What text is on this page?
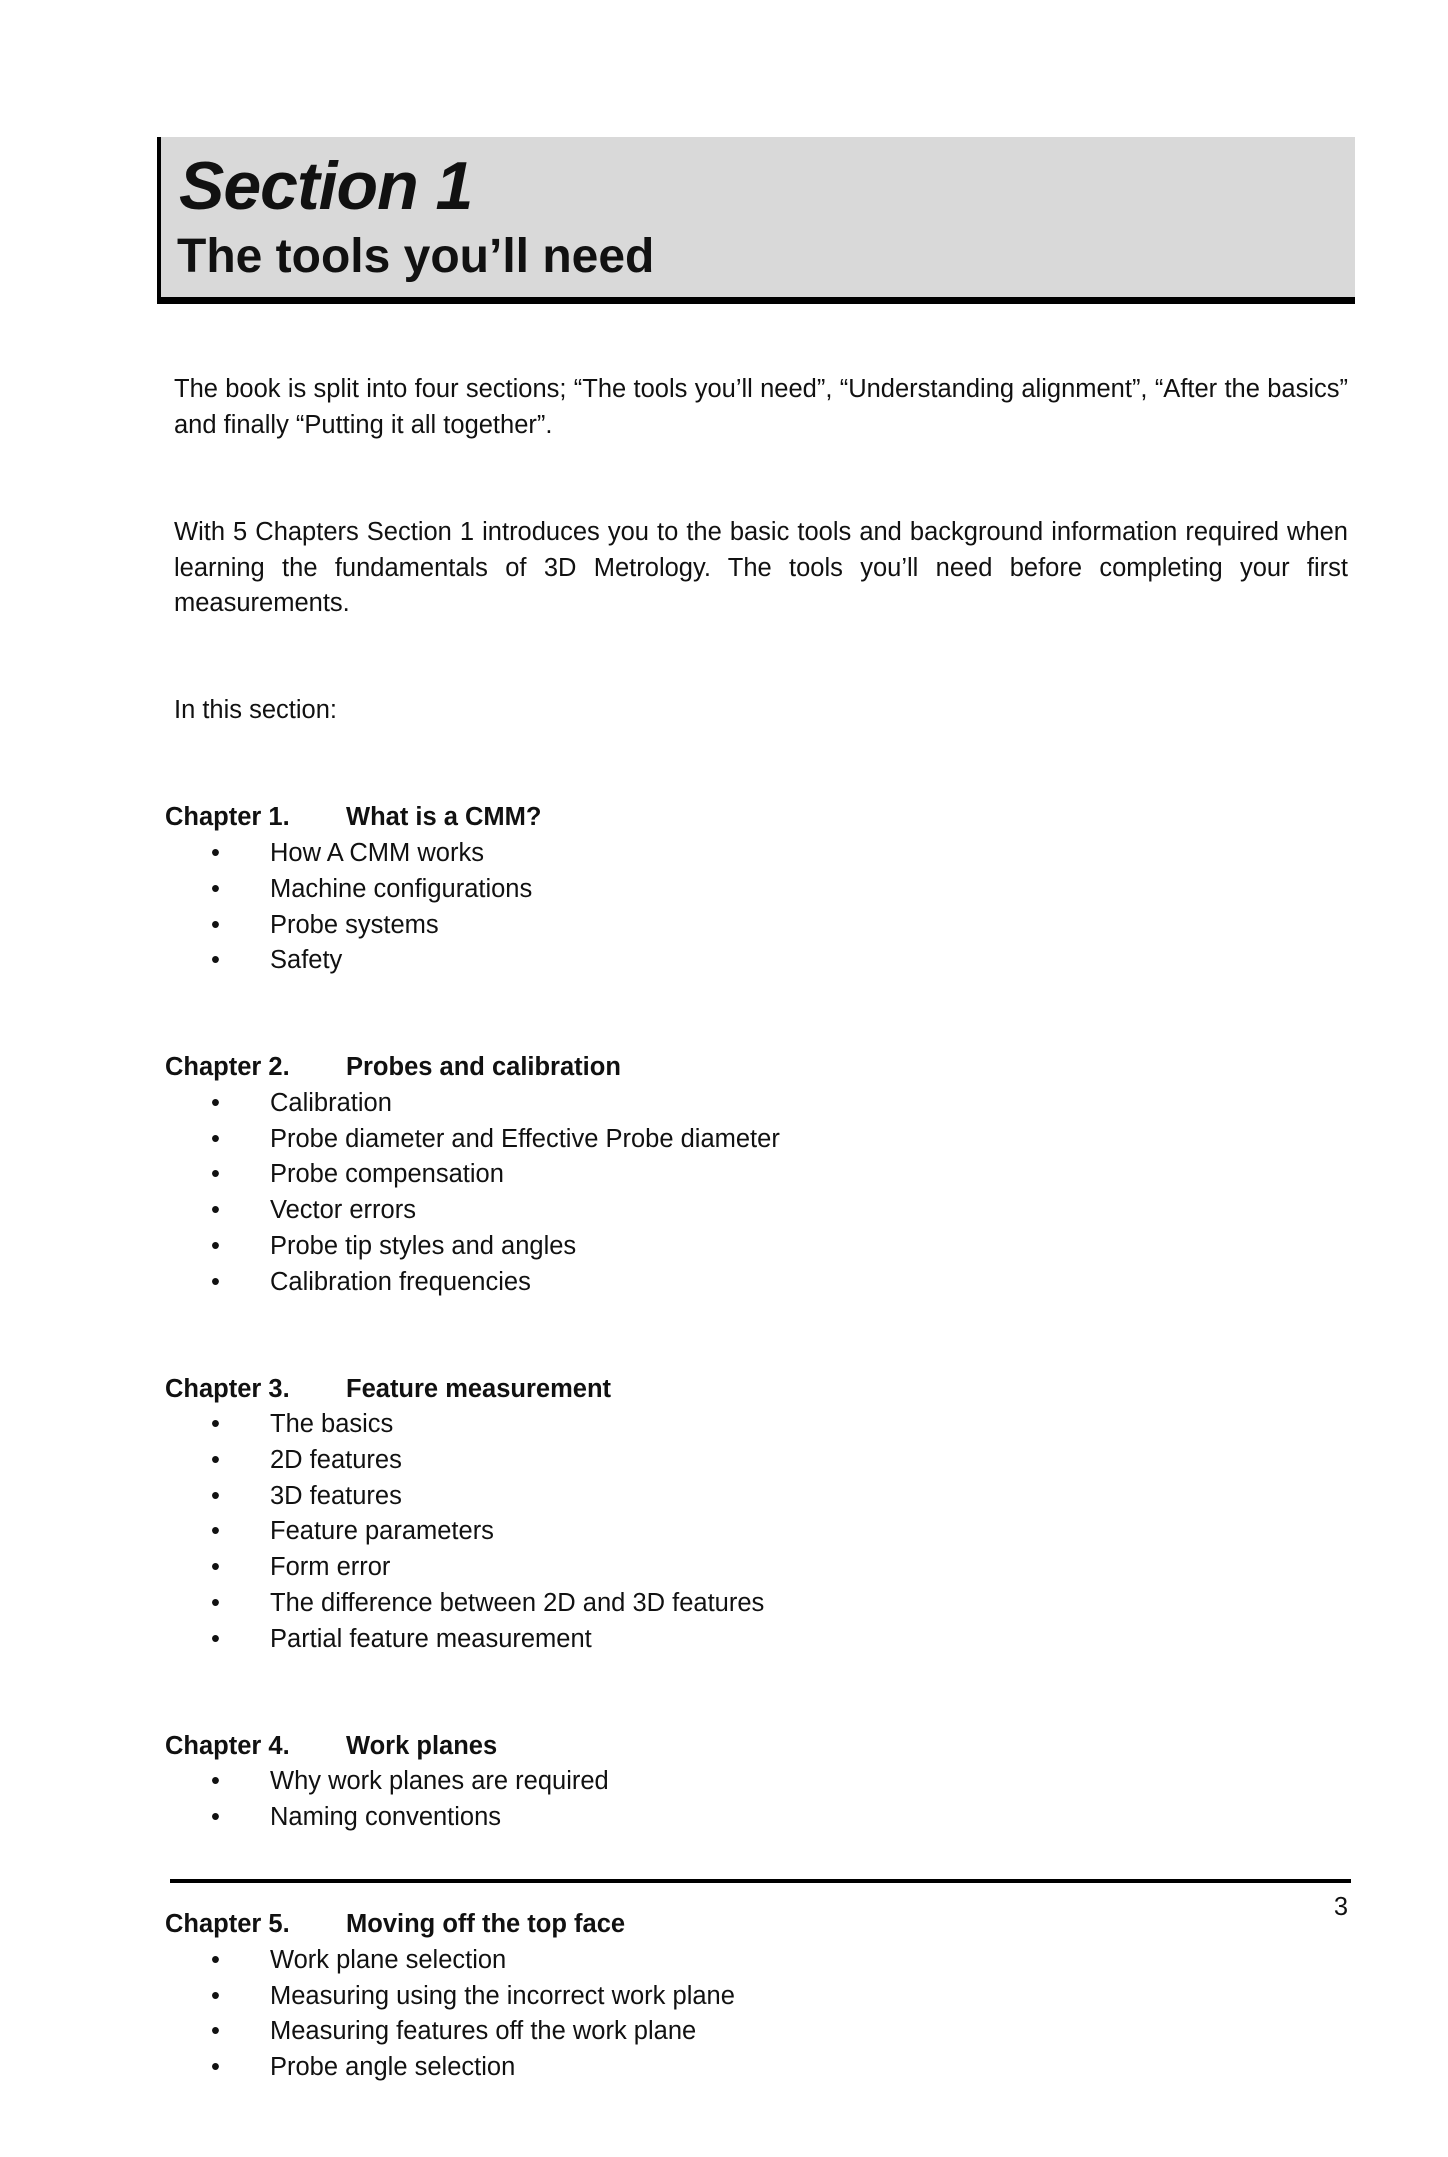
Section 1
The tools you’ll need

The book is split into four sections; “The tools you’ll need”, “Understanding alignment”, “After the basics” and finally “Putting it all together”.

With 5 Chapters Section 1 introduces you to the basic tools and background information required when learning the fundamentals of 3D Metrology. The tools you’ll need before completing your first measurements.

In this section:

Chapter 1.	What is a CMM?
•	How A CMM works
•	Machine configurations
•	Probe systems
•	Safety
Chapter 2.	Probes and calibration
•	Calibration
•	Probe diameter and Effective Probe diameter
•	Probe compensation
•	Vector errors
•	Probe tip styles and angles
•	Calibration frequencies
Chapter 3.	Feature measurement
•	The basics
•	2D features
•	3D features
•	Feature parameters
•	Form error
•	The difference between 2D and 3D features
•	Partial feature measurement
Chapter 4.	Work planes
•	Why work planes are required
•	Naming conventions
Chapter 5.	Moving off the top face
•	Work plane selection
•	Measuring using the incorrect work plane
•	Measuring features off the work plane
•	Probe angle selection
3
